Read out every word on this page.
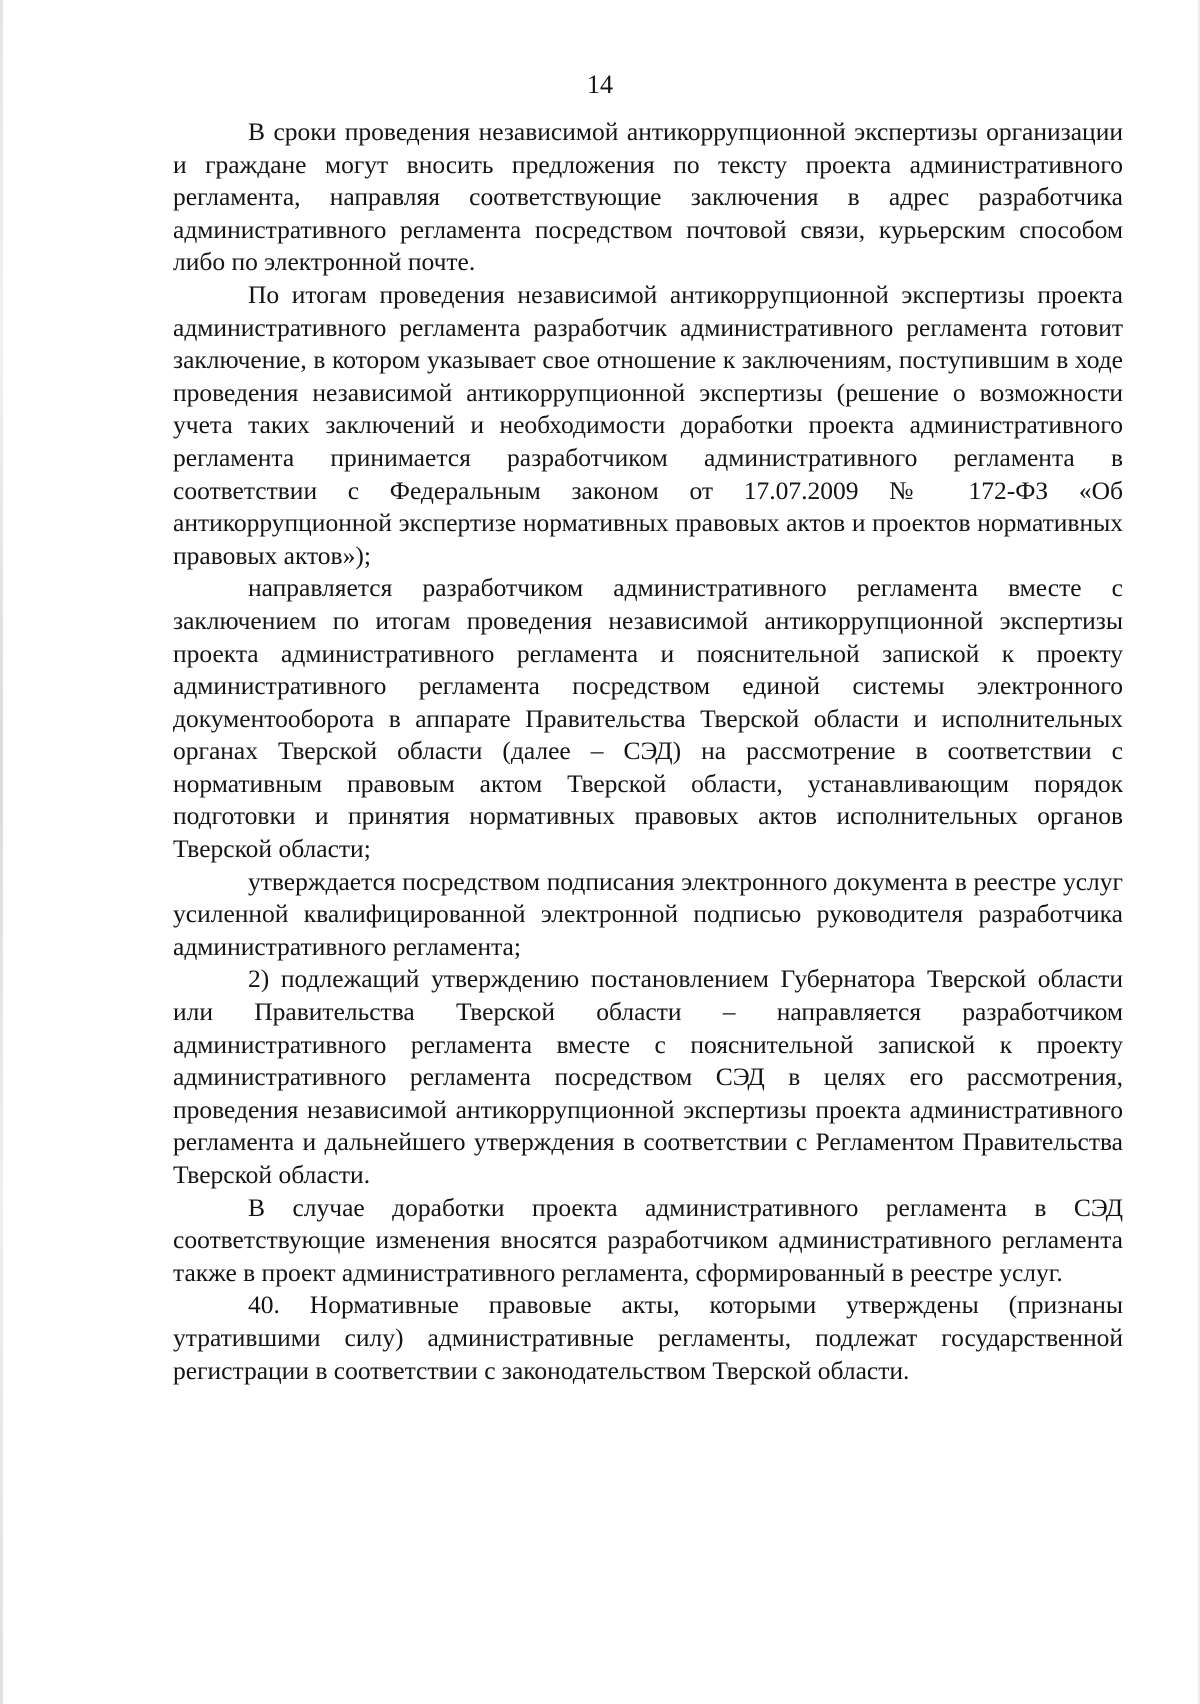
14

В сроки проведения независимой антикоррупционной экспертизы организации и граждане могут вносить предложения по тексту проекта административного регламента, направляя соответствующие заключения в адрес разработчика административного регламента посредством почтовой связи, курьерским способом либо по электронной почте.

По итогам проведения независимой антикоррупционной экспертизы проекта административного регламента разработчик административного регламента готовит заключение, в котором указывает свое отношение к заключениям, поступившим в ходе проведения независимой антикоррупционной экспертизы (решение о возможности учета таких заключений и необходимости доработки проекта административного регламента принимается разработчиком административного регламента в соответствии с Федеральным законом от 17.07.2009 № 172-ФЗ «Об антикоррупционной экспертизе нормативных правовых актов и проектов нормативных правовых актов»);

направляется разработчиком административного регламента вместе с заключением по итогам проведения независимой антикоррупционной экспертизы проекта административного регламента и пояснительной запиской к проекту административного регламента посредством единой системы электронного документооборота в аппарате Правительства Тверской области и исполнительных органах Тверской области (далее – СЭД) на рассмотрение в соответствии с нормативным правовым актом Тверской области, устанавливающим порядок подготовки и принятия нормативных правовых актов исполнительных органов Тверской области;

утверждается посредством подписания электронного документа в реестре услуг усиленной квалифицированной электронной подписью руководителя разработчика административного регламента;

2) подлежащий утверждению постановлением Губернатора Тверской области или Правительства Тверской области – направляется разработчиком административного регламента вместе с пояснительной запиской к проекту административного регламента посредством СЭД в целях его рассмотрения, проведения независимой антикоррупционной экспертизы проекта административного регламента и дальнейшего утверждения в соответствии с Регламентом Правительства Тверской области.

В случае доработки проекта административного регламента в СЭД соответствующие изменения вносятся разработчиком административного регламента также в проект административного регламента, сформированный в реестре услуг.

40. Нормативные правовые акты, которыми утверждены (признаны утратившими силу) административные регламенты, подлежат государственной регистрации в соответствии с законодательством Тверской области.
